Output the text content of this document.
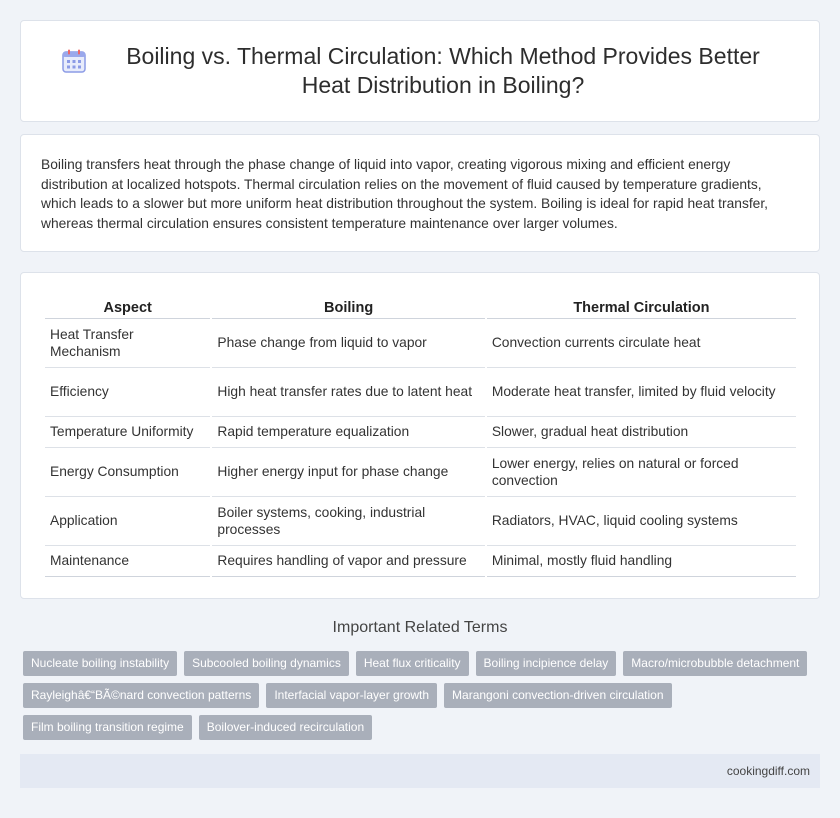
Boiling vs. Thermal Circulation: Which Method Provides Better Heat Distribution in Boiling?

Boiling transfers heat through the phase change of liquid into vapor, creating vigorous mixing and efficient energy distribution at localized hotspots. Thermal circulation relies on the movement of fluid caused by temperature gradients, which leads to a slower but more uniform heat distribution throughout the system. Boiling is ideal for rapid heat transfer, whereas thermal circulation ensures consistent temperature maintenance over larger volumes.

Aspect	Boiling	Thermal Circulation
Heat Transfer Mechanism	Phase change from liquid to vapor	Convection currents circulate heat
Efficiency	High heat transfer rates due to latent heat	Moderate heat transfer, limited by fluid velocity
Temperature Uniformity	Rapid temperature equalization	Slower, gradual heat distribution
Energy Consumption	Higher energy input for phase change	Lower energy, relies on natural or forced convection
Application	Boiler systems, cooking, industrial processes	Radiators, HVAC, liquid cooling systems
Maintenance	Requires handling of vapor and pressure	Minimal, mostly fluid handling
Important Related Terms
Nucleate boiling instability	Subcooled boiling dynamics	Heat flux criticality	Boiling incipience delay	Macro/microbubble detachment
Rayleighâ€“BÃ©nard convection patterns	Interfacial vapor-layer growth	Marangoni convection-driven circulation
Film boiling transition regime	Boilover-induced recirculation
cookingdiff.com
